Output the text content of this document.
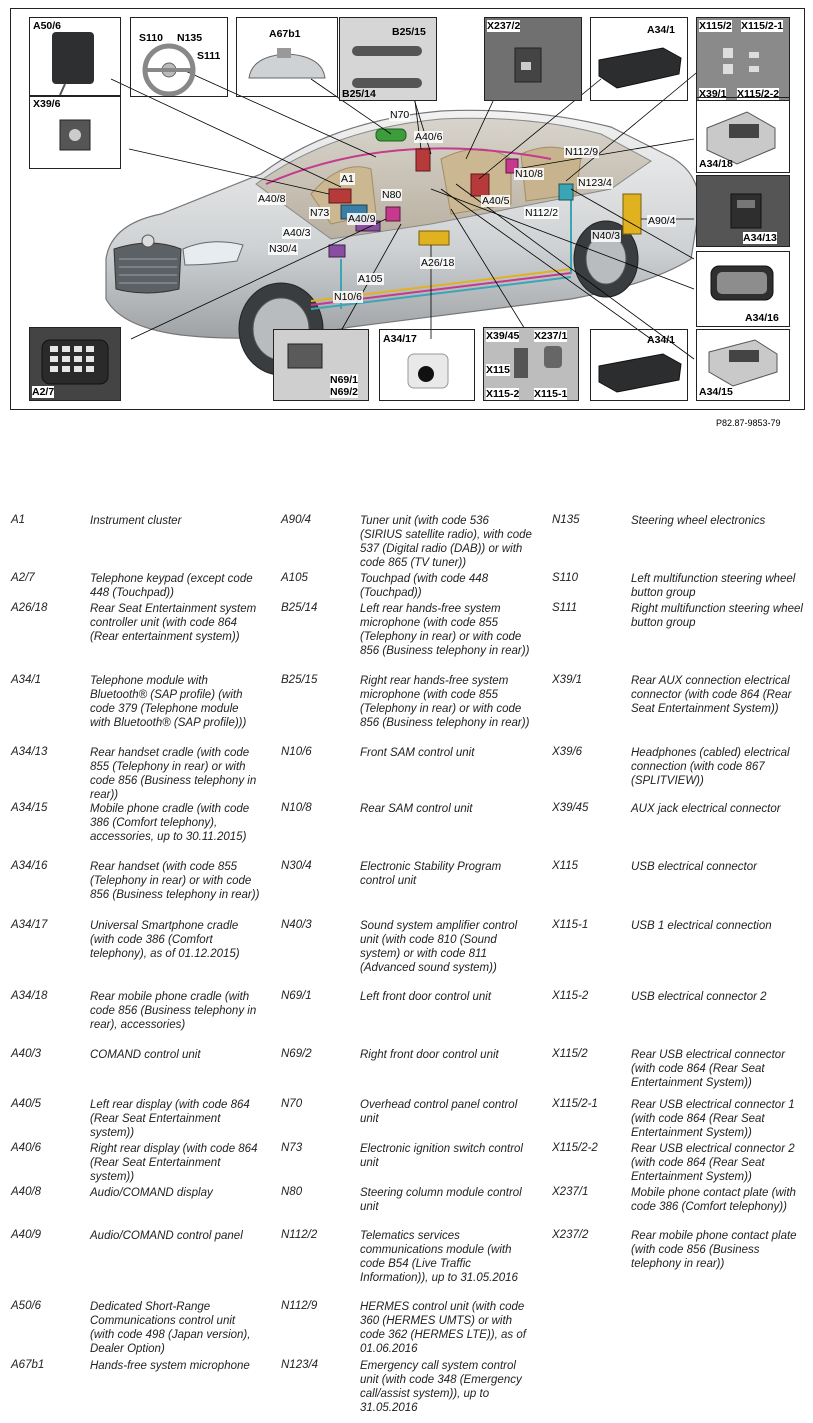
A50/6
S110 N135
S111
A67b1	B25/15
B25/14
X237/2	A34/1 X115/2 X115/2-1
X39/1 X115/2-2
X39/6
A34/18
A34/13
A34/16
A2/7
N69/1
N69/2
A34/17	X39/45 X237/1
X115
X115-2 X115-1
A34/1
A34/15
N70
A40/6
N112/9
A1	N10/8
N123/4
A40/8	N80	A40/5
N73	N112/2
A40/9	A90/4
A40/3	N40/3
N30/4
A26/18
A105
N10/6
P82.87-9853-79
A1	Instrument cluster
A2/7	Telephone keypad (except code 448 (Touchpad))
A26/18	Rear Seat Entertainment system controller unit (with code 864 (Rear entertainment system))
A34/1	Telephone module with Bluetooth® (SAP profile) (with code 379 (Telephone module with Bluetooth® (SAP profile)))
A34/13	Rear handset cradle (with code 855 (Telephony in rear) or with code 856 (Business telephony in rear))
A34/15	Mobile phone cradle (with code 386 (Comfort telephony), accessories, up to 30.11.2015)
A34/16	Rear handset (with code 855 (Telephony in rear) or with code 856 (Business telephony in rear))
A34/17	Universal Smartphone cradle (with code 386 (Comfort telephony), as of 01.12.2015)
A34/18	Rear mobile phone cradle (with code 856 (Business telephony in rear), accessories)
A40/3	COMAND control unit
A40/5	Left rear display (with code 864 (Rear Seat Entertainment system))
A40/6	Right rear display (with code 864 (Rear Seat Entertainment system))
A40/8	Audio/COMAND display
A40/9	Audio/COMAND control panel
A50/6	Dedicated Short-Range Communications control unit (with code 498 (Japan version), Dealer Option)
A67b1	Hands-free system microphone
A90/4	Tuner unit (with code 536 (SIRIUS satellite radio), with code 537 (Digital radio (DAB)) or with code 865 (TV tuner))
A105	Touchpad (with code 448 (Touchpad))
B25/14	Left rear hands-free system microphone (with code 855 (Telephony in rear) or with code 856 (Business telephony in rear))
B25/15	Right rear hands-free system microphone (with code 855 (Telephony in rear) or with code 856 (Business telephony in rear))
N10/6	Front SAM control unit
N10/8	Rear SAM control unit
N30/4	Electronic Stability Program control unit
N40/3	Sound system amplifier control unit (with code 810 (Sound system) or with code 811 (Advanced sound system))
N69/1	Left front door control unit
N69/2	Right front door control unit
N70	Overhead control panel control unit
N73	Electronic ignition switch control unit
N80	Steering column module control unit
N112/2	Telematics services communications module (with code B54 (Live Traffic Information)), up to 31.05.2016
N112/9	HERMES control unit (with code 360 (HERMES UMTS) or with code 362 (HERMES LTE)), as of 01.06.2016
N123/4	Emergency call system control unit (with code 348 (Emergency call/assist system)), up to 31.05.2016
N135	Steering wheel electronics
S110	Left multifunction steering wheel button group
S111	Right multifunction steering wheel button group
X39/1	Rear AUX connection electrical connector (with code 864 (Rear Seat Entertainment System))
X39/6	Headphones (cabled) electrical connection (with code 867 (SPLITVIEW))
X39/45	AUX jack electrical connector
X115	USB electrical connector
X115-1	USB 1 electrical connection
X115-2	USB electrical connector 2
X115/2	Rear USB electrical connector (with code 864 (Rear Seat Entertainment System))
X115/2-1	Rear USB electrical connector 1 (with code 864 (Rear Seat Entertainment System))
X115/2-2	Rear USB electrical connector 2 (with code 864 (Rear Seat Entertainment System))
X237/1	Mobile phone contact plate (with code 386 (Comfort telephony))
X237/2	Rear mobile phone contact plate (with code 856 (Business telephony in rear))
